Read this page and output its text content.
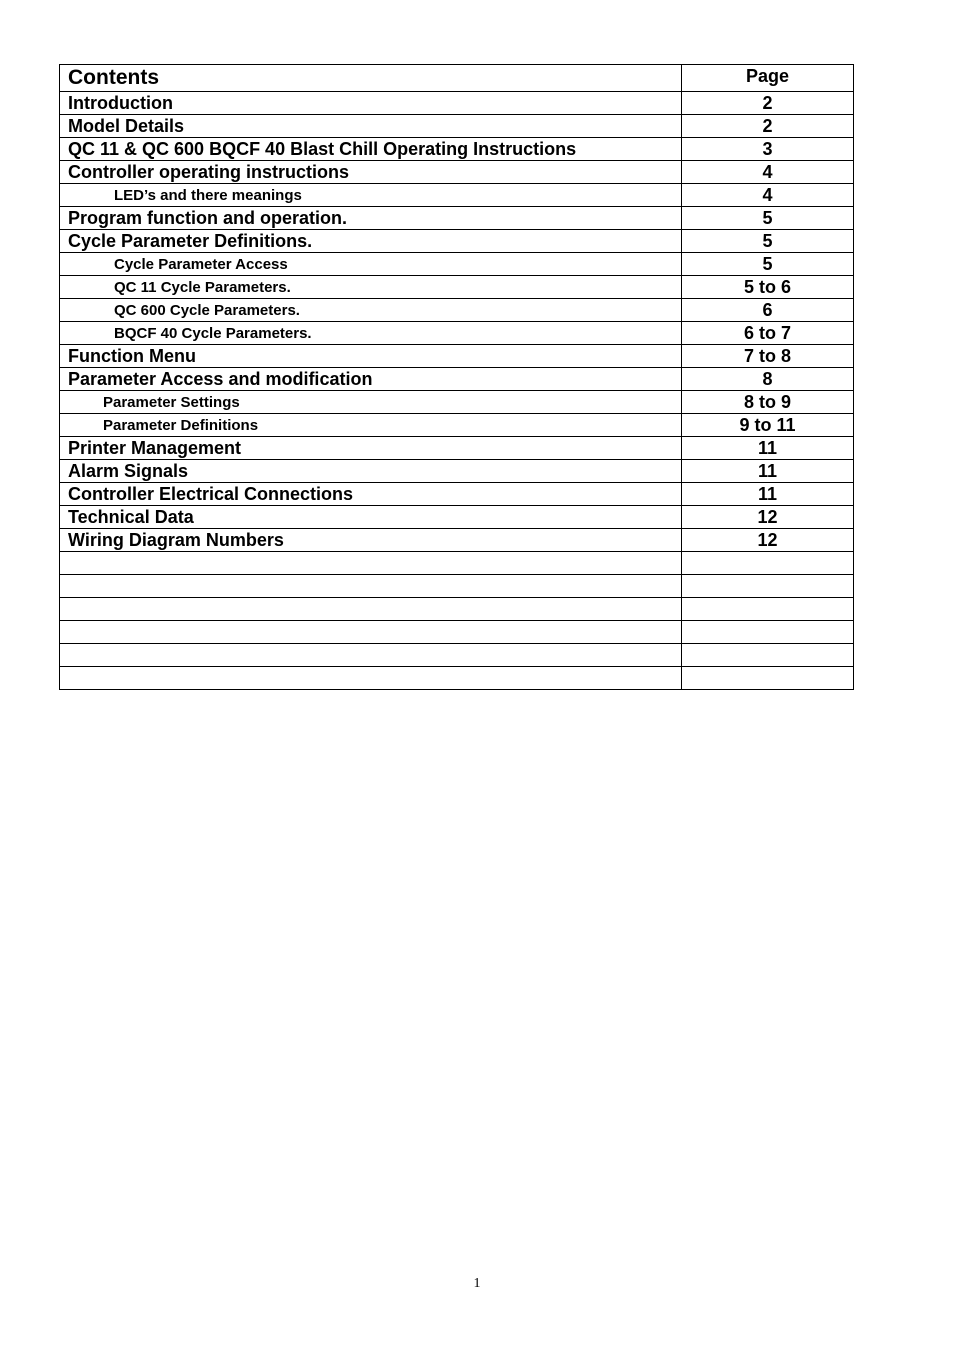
Contents	Page
Introduction	2
Model Details	2
QC 11 & QC 600 BQCF 40 Blast Chill Operating Instructions	3
Controller operating instructions	4
LED’s and there meanings	4
Program function and operation.	5
Cycle Parameter Definitions.	5
Cycle Parameter Access	5
QC 11 Cycle Parameters.	5 to 6
QC 600 Cycle Parameters.	6
BQCF 40 Cycle Parameters.	6 to 7
Function Menu	7 to 8
Parameter Access and modification	8
Parameter Settings	8 to 9
Parameter Definitions	9 to 11
Printer Management	11
Alarm Signals	11
Controller Electrical Connections	11
Technical Data	12
Wiring Diagram Numbers	12

1
